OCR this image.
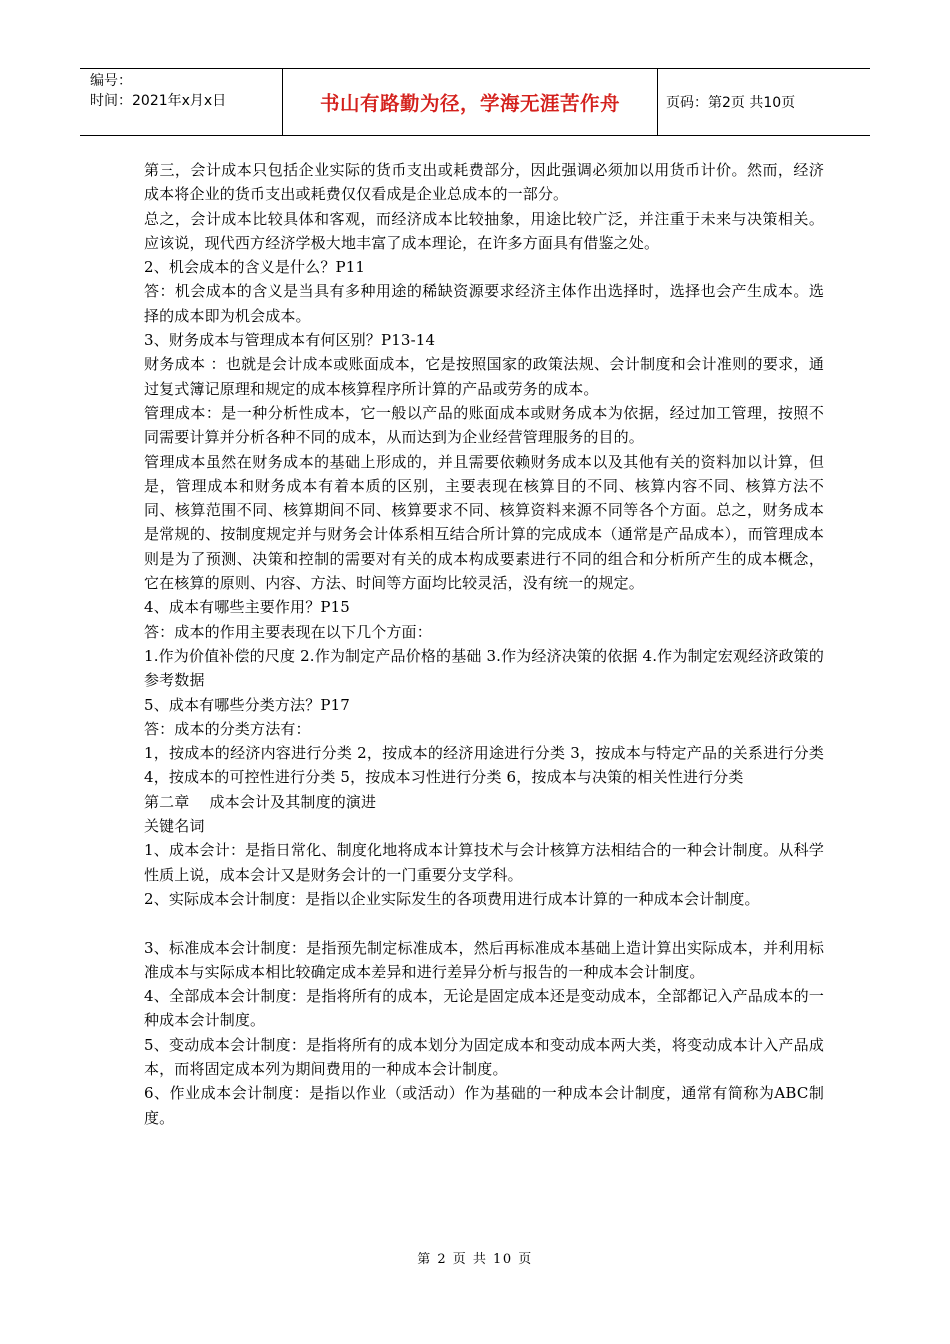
编号：
时间：2021年x月x日	书山有路勤为径，学海无涯苦作舟	页码：第2页 共10页

第三，会计成本只包括企业实际的货币支出或耗费部分，因此强调必须加以用货币计价。然而，经济成本将企业的货币支出或耗费仅仅看成是企业总成本的一部分。

总之，会计成本比较具体和客观，而经济成本比较抽象，用途比较广泛，并注重于未来与决策相关。应该说，现代西方经济学极大地丰富了成本理论，在许多方面具有借鉴之处。

2、机会成本的含义是什么？P11

答：机会成本的含义是当具有多种用途的稀缺资源要求经济主体作出选择时，选择也会产生成本。选择的成本即为机会成本。

3、财务成本与管理成本有何区别？P13-14

财务成本 ：也就是会计成本或账面成本，它是按照国家的政策法规、会计制度和会计准则的要求，通过复式簿记原理和规定的成本核算程序所计算的产品或劳务的成本。

管理成本：是一种分析性成本，它一般以产品的账面成本或财务成本为依据，经过加工管理，按照不同需要计算并分析各种不同的成本，从而达到为企业经营管理服务的目的。

管理成本虽然在财务成本的基础上形成的，并且需要依赖财务成本以及其他有关的资料加以计算，但是，管理成本和财务成本有着本质的区别，主要表现在核算目的不同、核算内容不同、核算方法不同、核算范围不同、核算期间不同、核算要求不同、核算资料来源不同等各个方面。总之，财务成本是常规的、按制度规定并与财务会计体系相互结合所计算的完成成本（通常是产品成本），而管理成本则是为了预测、决策和控制的需要对有关的成本构成要素进行不同的组合和分析所产生的成本概念，它在核算的原则、内容、方法、时间等方面均比较灵活，没有统一的规定。

4、成本有哪些主要作用？P15

答：成本的作用主要表现在以下几个方面：

1.作为价值补偿的尺度 2.作为制定产品价格的基础 3.作为经济决策的依据 4.作为制定宏观经济政策的参考数据

5、成本有哪些分类方法？P17

答：成本的分类方法有：

1，按成本的经济内容进行分类 2，按成本的经济用途进行分类 3，按成本与特定产品的关系进行分类 4，按成本的可控性进行分类 5，按成本习性进行分类 6，按成本与决策的相关性进行分类

第二章　 成本会计及其制度的演进

关键名词

1、成本会计：是指日常化、制度化地将成本计算技术与会计核算方法相结合的一种会计制度。从科学性质上说，成本会计又是财务会计的一门重要分支学科。

2、实际成本会计制度：是指以企业实际发生的各项费用进行成本计算的一种成本会计制度。

3、标准成本会计制度：是指预先制定标准成本，然后再标准成本基础上造计算出实际成本，并利用标准成本与实际成本相比较确定成本差异和进行差异分析与报告的一种成本会计制度。

4、全部成本会计制度：是指将所有的成本，无论是固定成本还是变动成本，全部都记入产品成本的一种成本会计制度。

5、变动成本会计制度：是指将所有的成本划分为固定成本和变动成本两大类，将变动成本计入产品成本，而将固定成本列为期间费用的一种成本会计制度。

6、作业成本会计制度：是指以作业（或活动）作为基础的一种成本会计制度，通常有简称为ABC制度。

第 2 页 共 10 页
